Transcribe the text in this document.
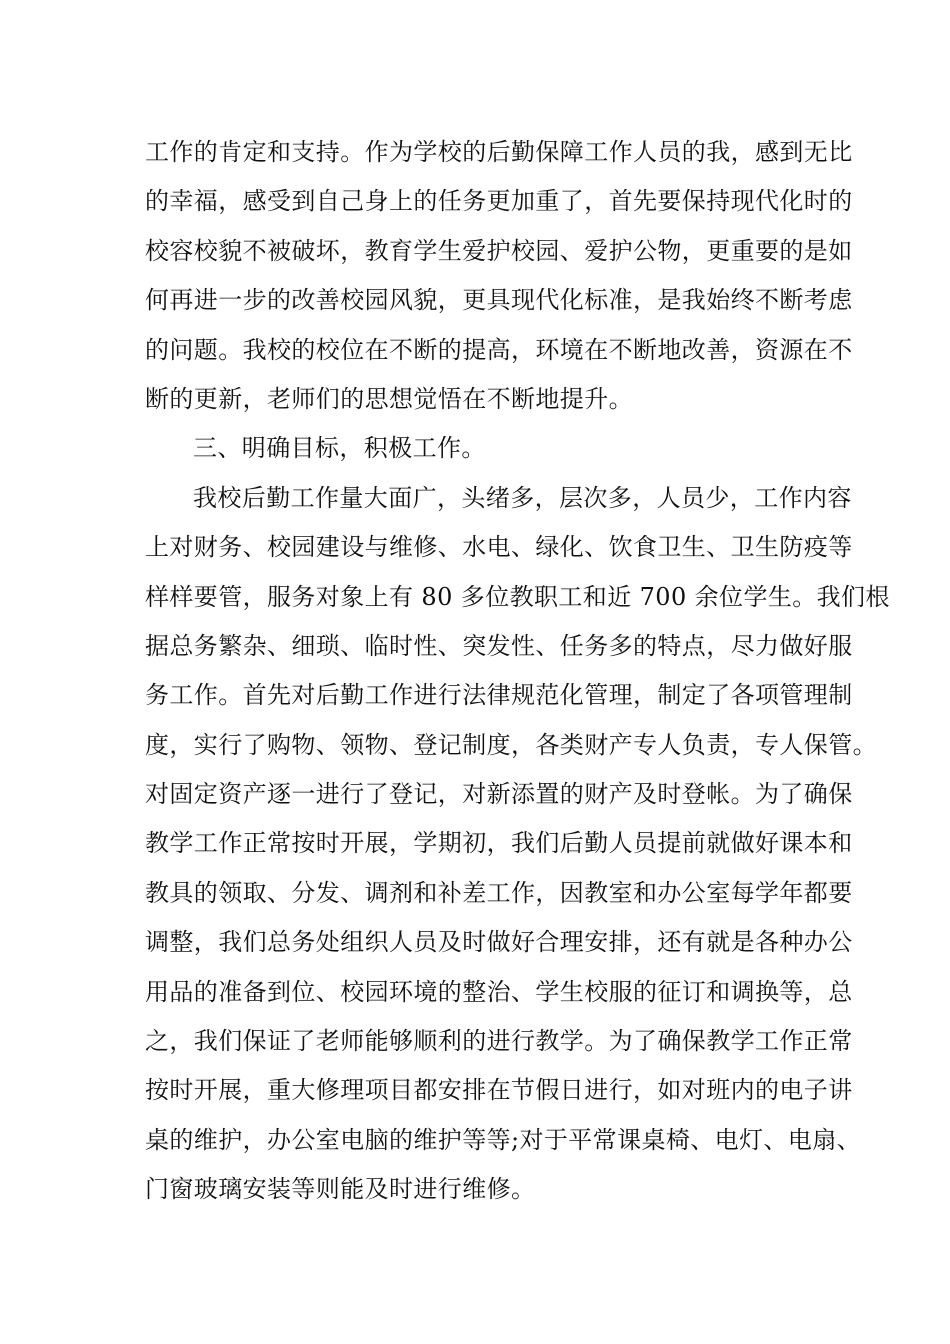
工作的肯定和支持。作为学校的后勤保障工作人员的我，感到无比
的幸福，感受到自己身上的任务更加重了，首先要保持现代化时的
校容校貌不被破坏，教育学生爱护校园、爱护公物，更重要的是如
何再进一步的改善校园风貌，更具现代化标准，是我始终不断考虑
的问题。我校的校位在不断的提高，环境在不断地改善，资源在不
断的更新，老师们的思想觉悟在不断地提升。
三、明确目标，积极工作。
我校后勤工作量大面广，头绪多，层次多，人员少，工作内容
上对财务、校园建设与维修、水电、绿化、饮食卫生、卫生防疫等
样样要管，服务对象上有 80 多位教职工和近 700 余位学生。我们根
据总务繁杂、细琐、临时性、突发性、任务多的特点，尽力做好服
务工作。首先对后勤工作进行法律规范化管理，制定了各项管理制
度，实行了购物、领物、登记制度，各类财产专人负责，专人保管。
对固定资产逐一进行了登记，对新添置的财产及时登帐。为了确保
教学工作正常按时开展，学期初，我们后勤人员提前就做好课本和
教具的领取、分发、调剂和补差工作，因教室和办公室每学年都要
调整，我们总务处组织人员及时做好合理安排，还有就是各种办公
用品的准备到位、校园环境的整治、学生校服的征订和调换等，总
之，我们保证了老师能够顺利的进行教学。为了确保教学工作正常
按时开展，重大修理项目都安排在节假日进行，如对班内的电子讲
桌的维护，办公室电脑的维护等等;对于平常课桌椅、电灯、电扇、
门窗玻璃安装等则能及时进行维修。
